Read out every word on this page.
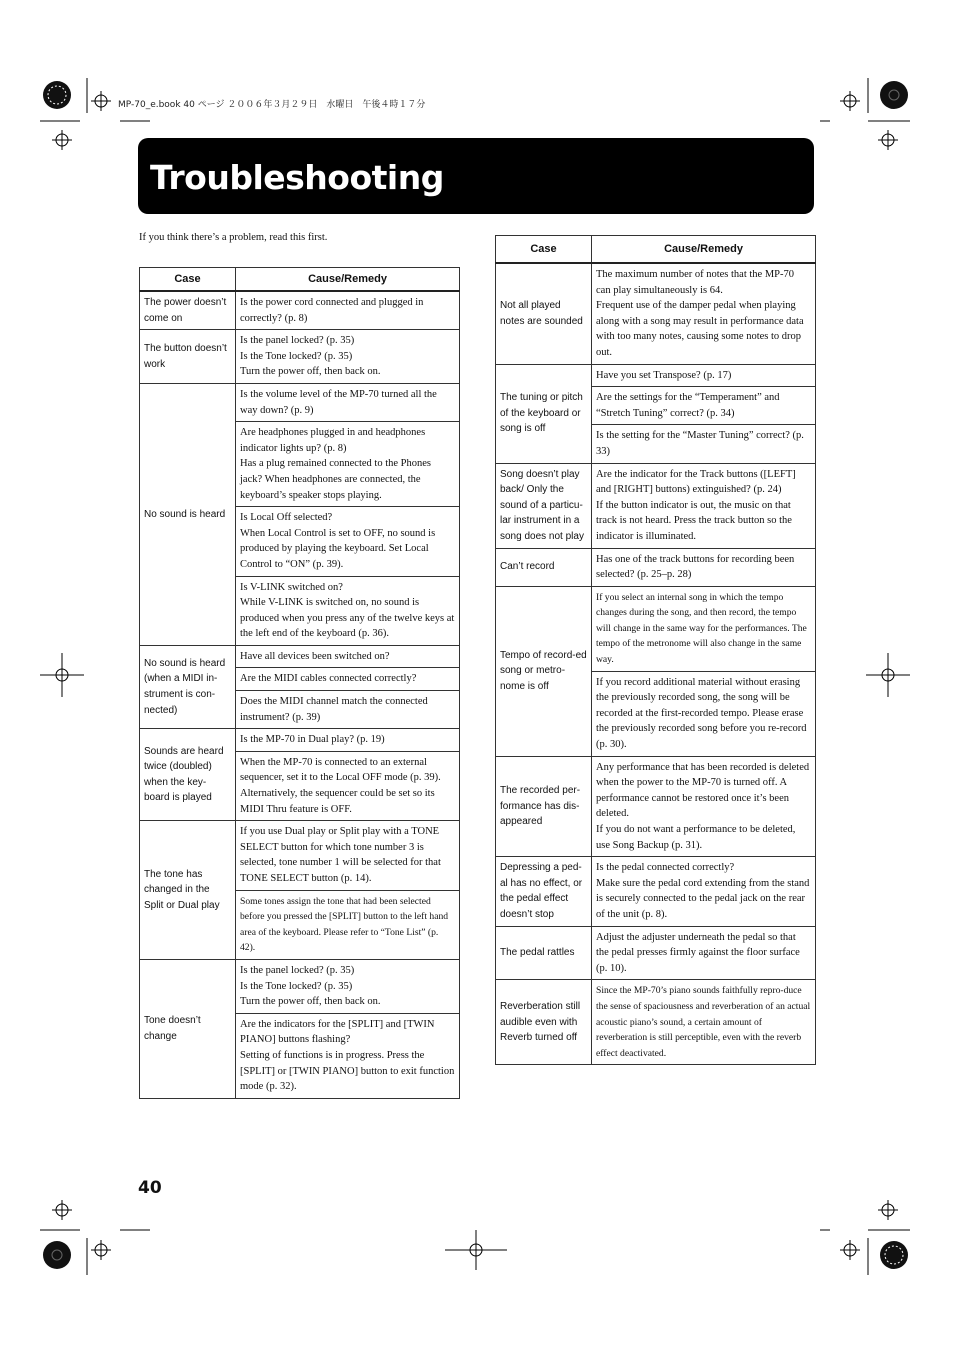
MP-70_e.book 40 ページ ２００６年３月２９日　水曜日　午後４時１７分
Troubleshooting
If you think there’s a problem, read this first.
Case	Cause/Remedy
The power doesn’t come on	Is the power cord connected and plugged in correctly? (p. 8)
The button doesn’t work	Is the panel locked? (p. 35)
Is the Tone locked? (p. 35)
Turn the power off, then back on.
No sound is heard	Is the volume level of the MP-70 turned all the way down? (p. 9)
	Are headphones plugged in and headphones indicator lights up? (p. 8)
Has a plug remained connected to the Phones jack? When headphones are connected, the keyboard’s speaker stops playing.
	Is Local Off selected?
When Local Control is set to OFF, no sound is produced by playing the keyboard. Set Local Control to “ON” (p. 39).
	Is V-LINK switched on?
While V-LINK is switched on, no sound is produced when you press any of the twelve keys at the left end of the keyboard (p. 36).
No sound is heard (when a MIDI in-strument is con-nected)	Have all devices been switched on?
	Are the MIDI cables connected correctly?
	Does the MIDI channel match the connected instrument? (p. 39)
Sounds are heard twice (doubled) when the key-board is played	Is the MP-70 in Dual play? (p. 19)
	When the MP-70 is connected to an external sequencer, set it to the Local OFF mode (p. 39). Alternatively, the sequencer could be set so its MIDI Thru feature is OFF.
The tone has changed in the Split or Dual play	If you use Dual play or Split play with a TONE SELECT button for which tone number 3 is selected, tone number 1 will be selected for that TONE SELECT button (p. 14).
	Some tones assign the tone that had been selected before you pressed the [SPLIT] button to the left hand area of the keyboard. Please refer to “Tone List” (p. 42).
Tone doesn’t change	Is the panel locked? (p. 35)
Is the Tone locked? (p. 35)
Turn the power off, then back on.
	Are the indicators for the [SPLIT] and [TWIN PIANO] buttons flashing?
Setting of functions is in progress. Press the [SPLIT] or [TWIN PIANO] button to exit function mode (p. 32).
Case	Cause/Remedy
Not all played notes are sounded	The maximum number of notes that the MP-70 can play simultaneously is 64.
Frequent use of the damper pedal when playing along with a song may result in performance data with too many notes, causing some notes to drop out.
The tuning or pitch of the keyboard or song is off	Have you set Transpose? (p. 17)
	Are the settings for the “Temperament” and “Stretch Tuning” correct? (p. 34)
	Is the setting for the “Master Tuning” correct? (p. 33)
Song doesn’t play back/ Only the sound of a particu-lar instrument in a song does not play	Are the indicator for the Track buttons ([LEFT] and [RIGHT] buttons) extinguished? (p. 24)
If the button indicator is out, the music on that track is not heard. Press the track button so the indicator is illuminated.
Can’t record	Has one of the track buttons for recording been selected? (p. 25–p. 28)
Tempo of record-ed song or metro-nome is off	If you select an internal song in which the tempo changes during the song, and then record, the tempo will change in the same way for the performances. The tempo of the metronome will also change in the same way.
	If you record additional material without erasing the previously recorded song, the song will be recorded at the first-recorded tempo. Please erase the previously recorded song before you re-record (p. 30).
The recorded per-formance has dis-appeared	Any performance that has been recorded is deleted when the power to the MP-70 is turned off. A performance cannot be restored once it’s been deleted.
If you do not want a performance to be deleted, use Song Backup (p. 31).
Depressing a ped-al has no effect, or the pedal effect doesn’t stop	Is the pedal connected correctly?
Make sure the pedal cord extending from the stand is securely connected to the pedal jack on the rear of the unit (p. 8).
The pedal rattles	Adjust the adjuster underneath the pedal so that the pedal presses firmly against the floor surface (p. 10).
Reverberation still audible even with Reverb turned off	Since the MP-70’s piano sounds faithfully repro-duce the sense of spaciousness and reverberation of an actual acoustic piano’s sound, a certain amount of reverberation is still perceptible, even with the reverb effect deactivated.
40
